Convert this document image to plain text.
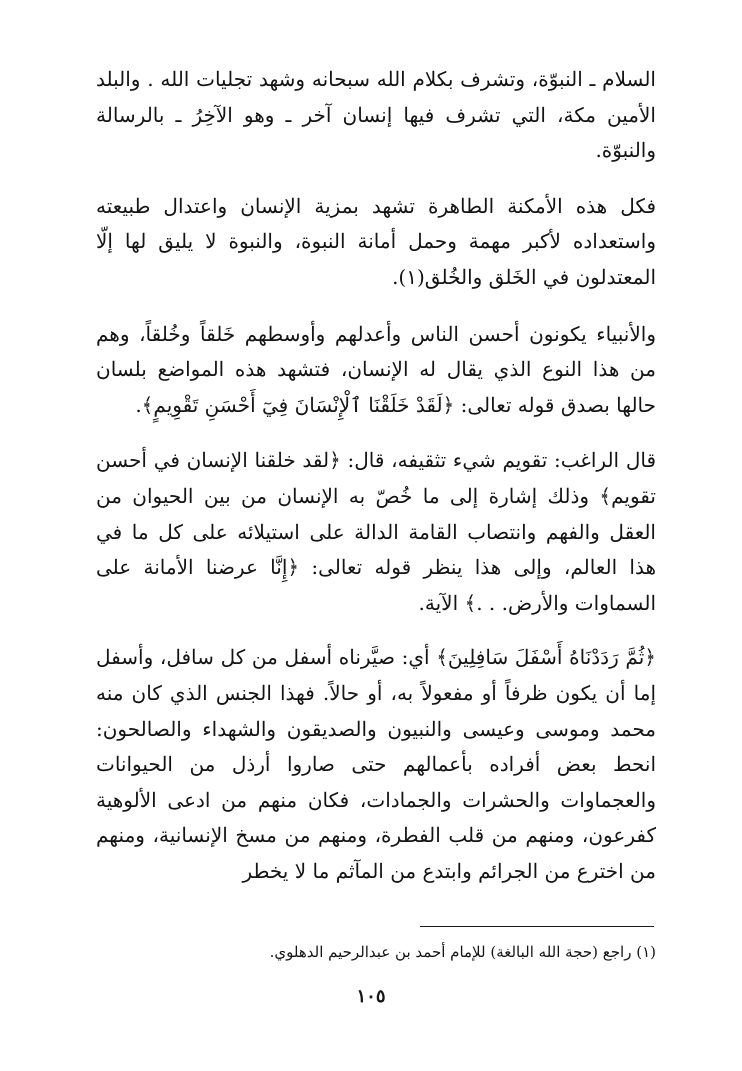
السلام ـ النبوّة، وتشرف بكلام الله سبحانه وشهد تجليات الله . والبلد الأمين مكة، التي تشرف فيها إنسان آخر ـ وهو الآخِرُ ـ بالرسالة والنبوّة.

فكل هذه الأمكنة الطاهرة تشهد بمزية الإنسان واعتدال طبيعته واستعداده لأكبر مهمة وحمل أمانة النبوة، والنبوة لا يليق لها إلّا المعتدلون في الخَلق والخُلق(١).

والأنبياء يكونون أحسن الناس وأعدلهم وأوسطهم خَلقاً وخُلقاً، وهم من هذا النوع الذي يقال له الإنسان، فتشهد هذه المواضع بلسان حالها بصدق قوله تعالى: ﴿لَقَدْ خَلَقْنَا ٱلْإِنْسَانَ فِيٓ أَحْسَنِ تَقْوِيمٍ﴾.

قال الراغب: تقويم شيء تثقيفه، قال: ﴿لقد خلقنا الإنسان في أحسن تقويم﴾ وذلك إشارة إلى ما خُصّ به الإنسان من بين الحيوان من العقل والفهم وانتصاب القامة الدالة على استيلائه على كل ما في هذا العالم، وإلى هذا ينظر قوله تعالى: ﴿إِنَّا عرضنا الأمانة على السماوات والأرض. . .﴾ الآية.

﴿ثُمَّ رَدَدْنَاهُ أَسْفَلَ سَافِلِينَ﴾ أي: صيَّرناه أسفل من كل سافل، وأسفل إما أن يكون ظرفاً أو مفعولاً به، أو حالاً. فهذا الجنس الذي كان منه محمد وموسى وعيسى والنبيون والصديقون والشهداء والصالحون: انحط بعض أفراده بأعمالهم حتى صاروا أرذل من الحيوانات والعجماوات والحشرات والجمادات، فكان منهم من ادعى الألوهية كفرعون، ومنهم من قلب الفطرة، ومنهم من مسخ الإنسانية، ومنهم من اخترع من الجرائم وابتدع من المآثم ما لا يخطر

(١) راجع (حجة الله البالغة) للإمام أحمد بن عبدالرحيم الدهلوي.

١٠٥
